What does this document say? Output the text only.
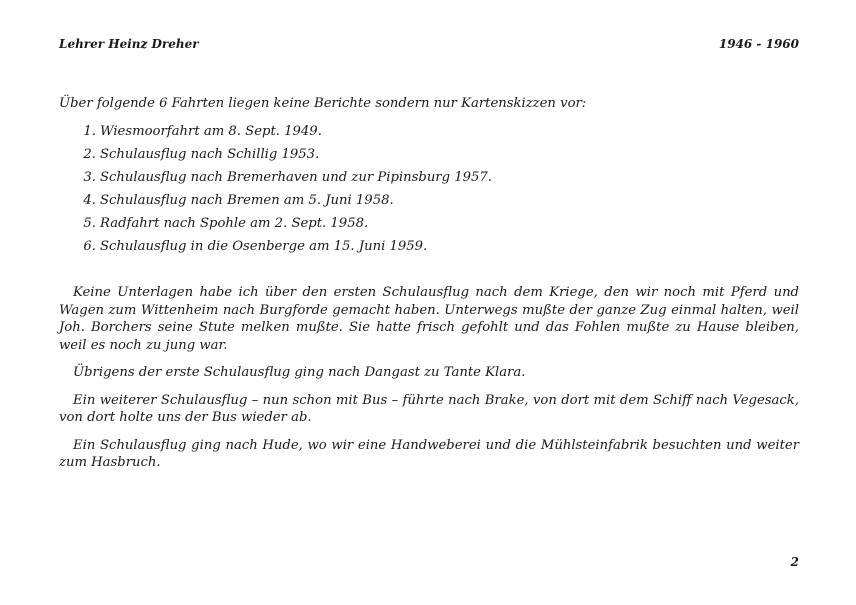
Lehrer Heinz Dreher	1946 - 1960
Über folgende 6 Fahrten liegen keine Berichte sondern nur Kartenskizzen vor:
1. Wiesmoorfahrt am 8. Sept. 1949.
2. Schulausflug nach Schillig 1953.
3. Schulausflug nach Bremerhaven und zur Pipinsburg 1957.
4. Schulausflug nach Bremen am 5. Juni 1958.
5. Radfahrt nach Spohle am 2. Sept. 1958.
6. Schulausflug in die Osenberge am 15. Juni 1959.

Keine Unterlagen habe ich über den ersten Schulausflug nach dem Kriege, den wir noch mit Pferd und Wagen zum Wittenheim nach Burgforde gemacht haben. Unterwegs mußte der ganze Zug einmal halten, weil Joh. Borchers seine Stute melken mußte. Sie hatte frisch gefohlt und das Fohlen mußte zu Hause bleiben, weil es noch zu jung war.

Übrigens der erste Schulausflug ging nach Dangast zu Tante Klara.

Ein weiterer Schulausflug – nun schon mit Bus – führte nach Brake, von dort mit dem Schiff nach Vegesack, von dort holte uns der Bus wieder ab.

Ein Schulausflug ging nach Hude, wo wir eine Handweberei und die Mühlsteinfabrik besuchten und weiter zum Hasbruch.

2
